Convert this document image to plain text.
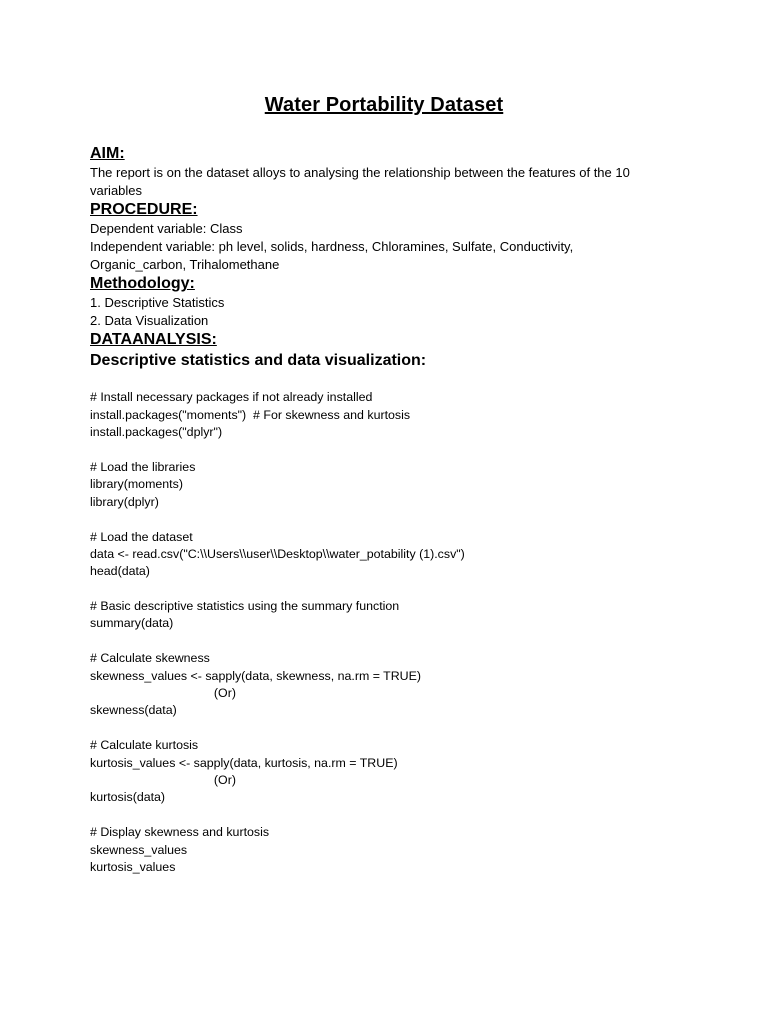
Water Portability Dataset

AIM:

The report is on the dataset alloys to analysing the relationship between the features of the 10

variables

PROCEDURE:

Dependent variable: Class

Independent variable: ph level, solids, hardness, Chloramines, Sulfate, Conductivity,

Organic_carbon, Trihalomethane

Methodology:

1. Descriptive Statistics

2. Data Visualization

DATAANALYSIS:

Descriptive statistics and data visualization:

# Install necessary packages if not already installed
install.packages("moments")  # For skewness and kurtosis
install.packages("dplyr")
# Load the libraries
library(moments)
library(dplyr)
# Load the dataset
data <- read.csv("C:\\Users\\user\\Desktop\\water_potability (1).csv")
head(data)
# Basic descriptive statistics using the summary function
summary(data)
# Calculate skewness
skewness_values <- sapply(data, skewness, na.rm = TRUE)
(Or)
skewness(data)
# Calculate kurtosis
kurtosis_values <- sapply(data, kurtosis, na.rm = TRUE)
(Or)
kurtosis(data)
# Display skewness and kurtosis
skewness_values
kurtosis_values
